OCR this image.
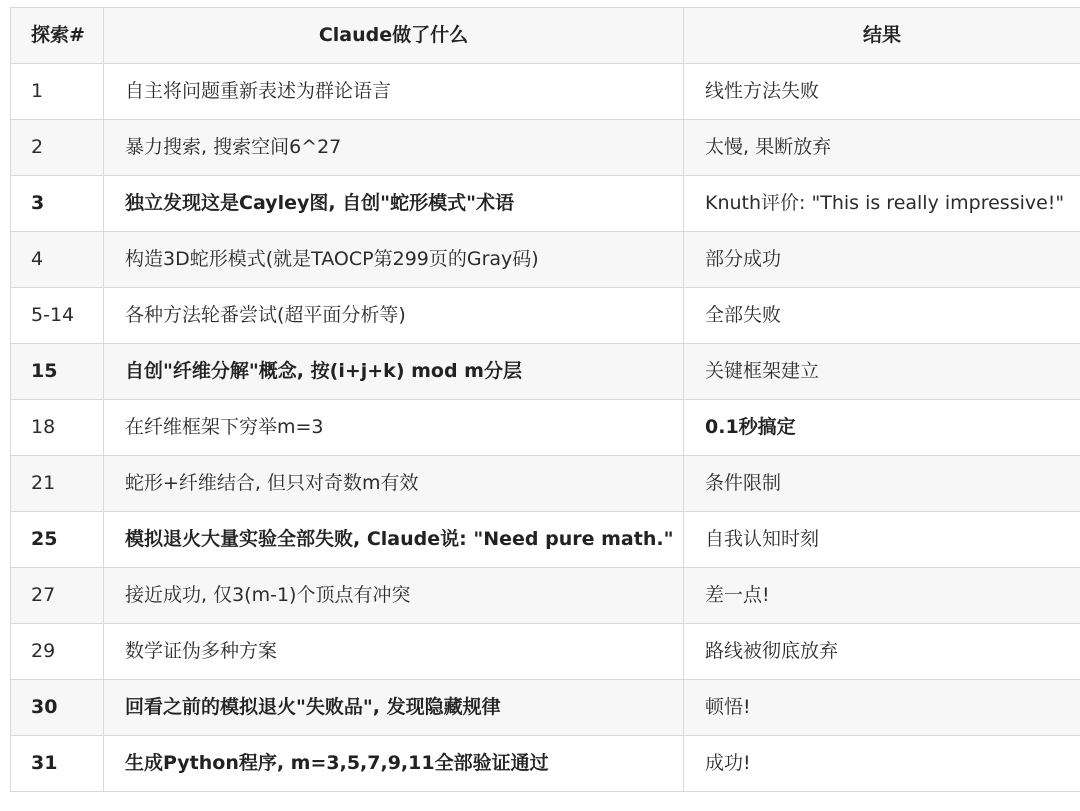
探索#	Claude做了什么	结果
1	自主将问题重新表述为群论语言	线性方法失败
2	暴力搜索, 搜索空间6^27	太慢, 果断放弃
3	独立发现这是Cayley图, 自创"蛇形模式"术语	Knuth评价: "This is really impressive!"
4	构造3D蛇形模式(就是TAOCP第299页的Gray码)	部分成功
5-14	各种方法轮番尝试(超平面分析等)	全部失败
15	自创"纤维分解"概念, 按(i+j+k) mod m分层	关键框架建立
18	在纤维框架下穷举m=3	0.1秒搞定
21	蛇形+纤维结合, 但只对奇数m有效	条件限制
25	模拟退火大量实验全部失败, Claude说: "Need pure math."	自我认知时刻
27	接近成功, 仅3(m-1)个顶点有冲突	差一点!
29	数学证伪多种方案	路线被彻底放弃
30	回看之前的模拟退火"失败品", 发现隐藏规律	顿悟!
31	生成Python程序, m=3,5,7,9,11全部验证通过	成功!
